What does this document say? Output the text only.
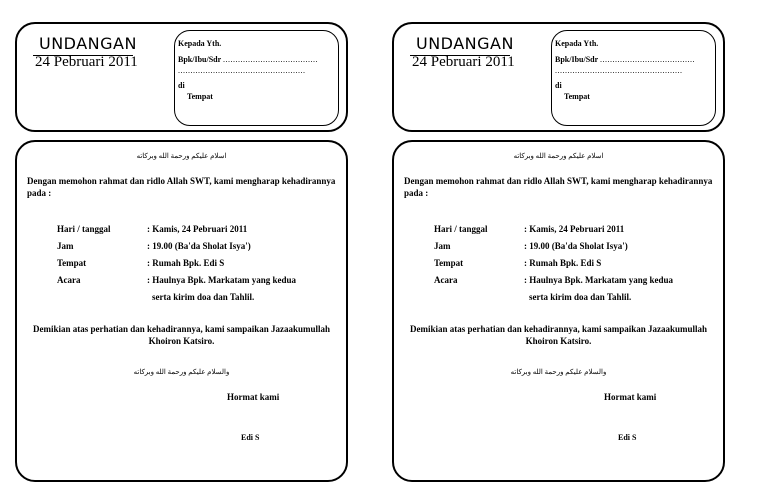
UNDANGAN
24 Pebruari 2011
Kepada Yth.
Bpk/Ibu/Sdr ......................................
...................................................
di
Tempat
اسلام عليكم ورحمة الله وبركاته
Dengan memohon rahmat dan ridlo Allah SWT, kami mengharap kehadirannya pada :
Hari / tanggal	: Kamis, 24 Pebruari 2011
Jam	: 19.00 (Ba'da Sholat Isya')
Tempat	: Rumah Bpk. Edi S
Acara	: Haulnya Bpk. Markatam yang kedua
serta kirim doa dan Tahlil.
Demikian atas perhatian dan kehadirannya, kami sampaikan Jazaakumullah Khoiron Katsiro.
والسلام عليكم ورحمة الله وبركاته
Hormat kami
Edi S
UNDANGAN
24 Pebruari 2011
Kepada Yth.
Bpk/Ibu/Sdr ......................................
...................................................
di
Tempat
اسلام عليكم ورحمة الله وبركاته
Dengan memohon rahmat dan ridlo Allah SWT, kami mengharap kehadirannya pada :
Hari / tanggal	: Kamis, 24 Pebruari 2011
Jam	: 19.00 (Ba'da Sholat Isya')
Tempat	: Rumah Bpk. Edi S
Acara	: Haulnya Bpk. Markatam yang kedua
serta kirim doa dan Tahlil.
Demikian atas perhatian dan kehadirannya, kami sampaikan Jazaakumullah Khoiron Katsiro.
والسلام عليكم ورحمة الله وبركاته
Hormat kami
Edi S
